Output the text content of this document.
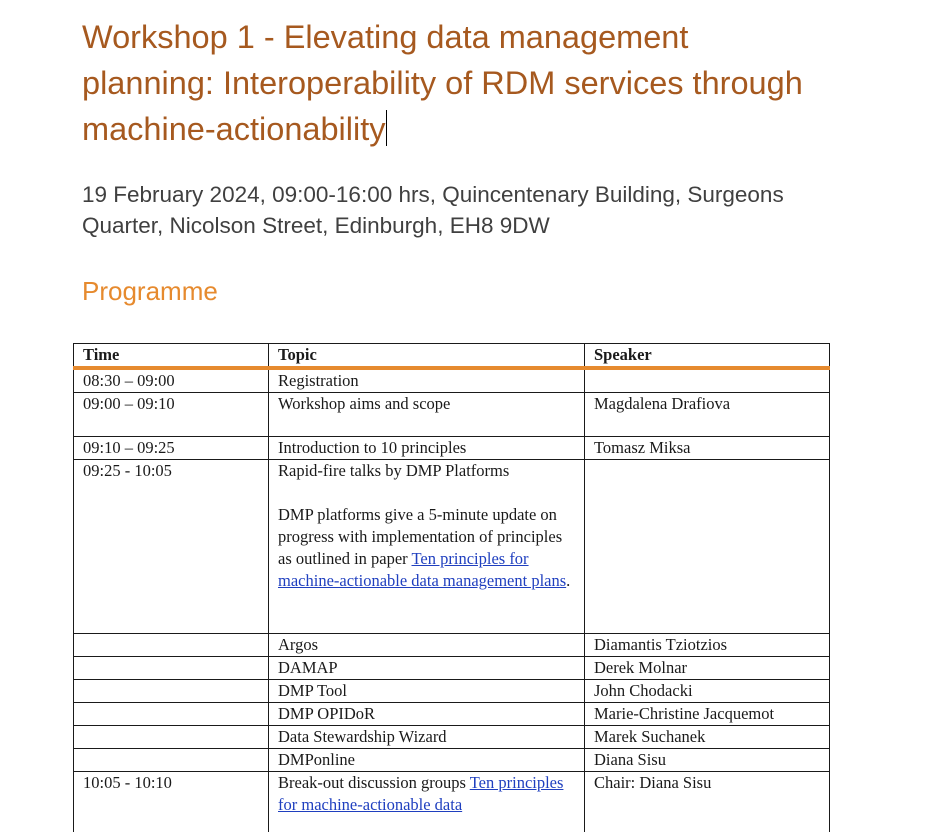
Workshop 1 - Elevating data management
planning: Interoperability of RDM services through
machine-actionability

19 February 2024, 09:00-16:00 hrs, Quincentenary Building, Surgeons
Quarter, Nicolson Street, Edinburgh, EH8 9DW

Programme
Time	Topic	Speaker
08:30 – 09:00	Registration	
09:00 – 09:10	Workshop aims and scope	Magdalena Drafiova
09:10 – 09:25	Introduction to 10 principles	Tomasz Miksa
09:25 - 10:05	Rapid-fire talks by DMP Platforms
DMP platforms give a 5-minute update on progress with implementation of principles as outlined in paper Ten principles for machine-actionable data management plans.	
	Argos	Diamantis Tziotzios
	DAMAP	Derek Molnar
	DMP Tool	John Chodacki
	DMP OPIDoR	Marie-Christine Jacquemot
	Data Stewardship Wizard	Marek Suchanek
	DMPonline	Diana Sisu
10:05 - 10:10	Break-out discussion groups Ten principles for machine-actionable data	Chair: Diana Sisu
